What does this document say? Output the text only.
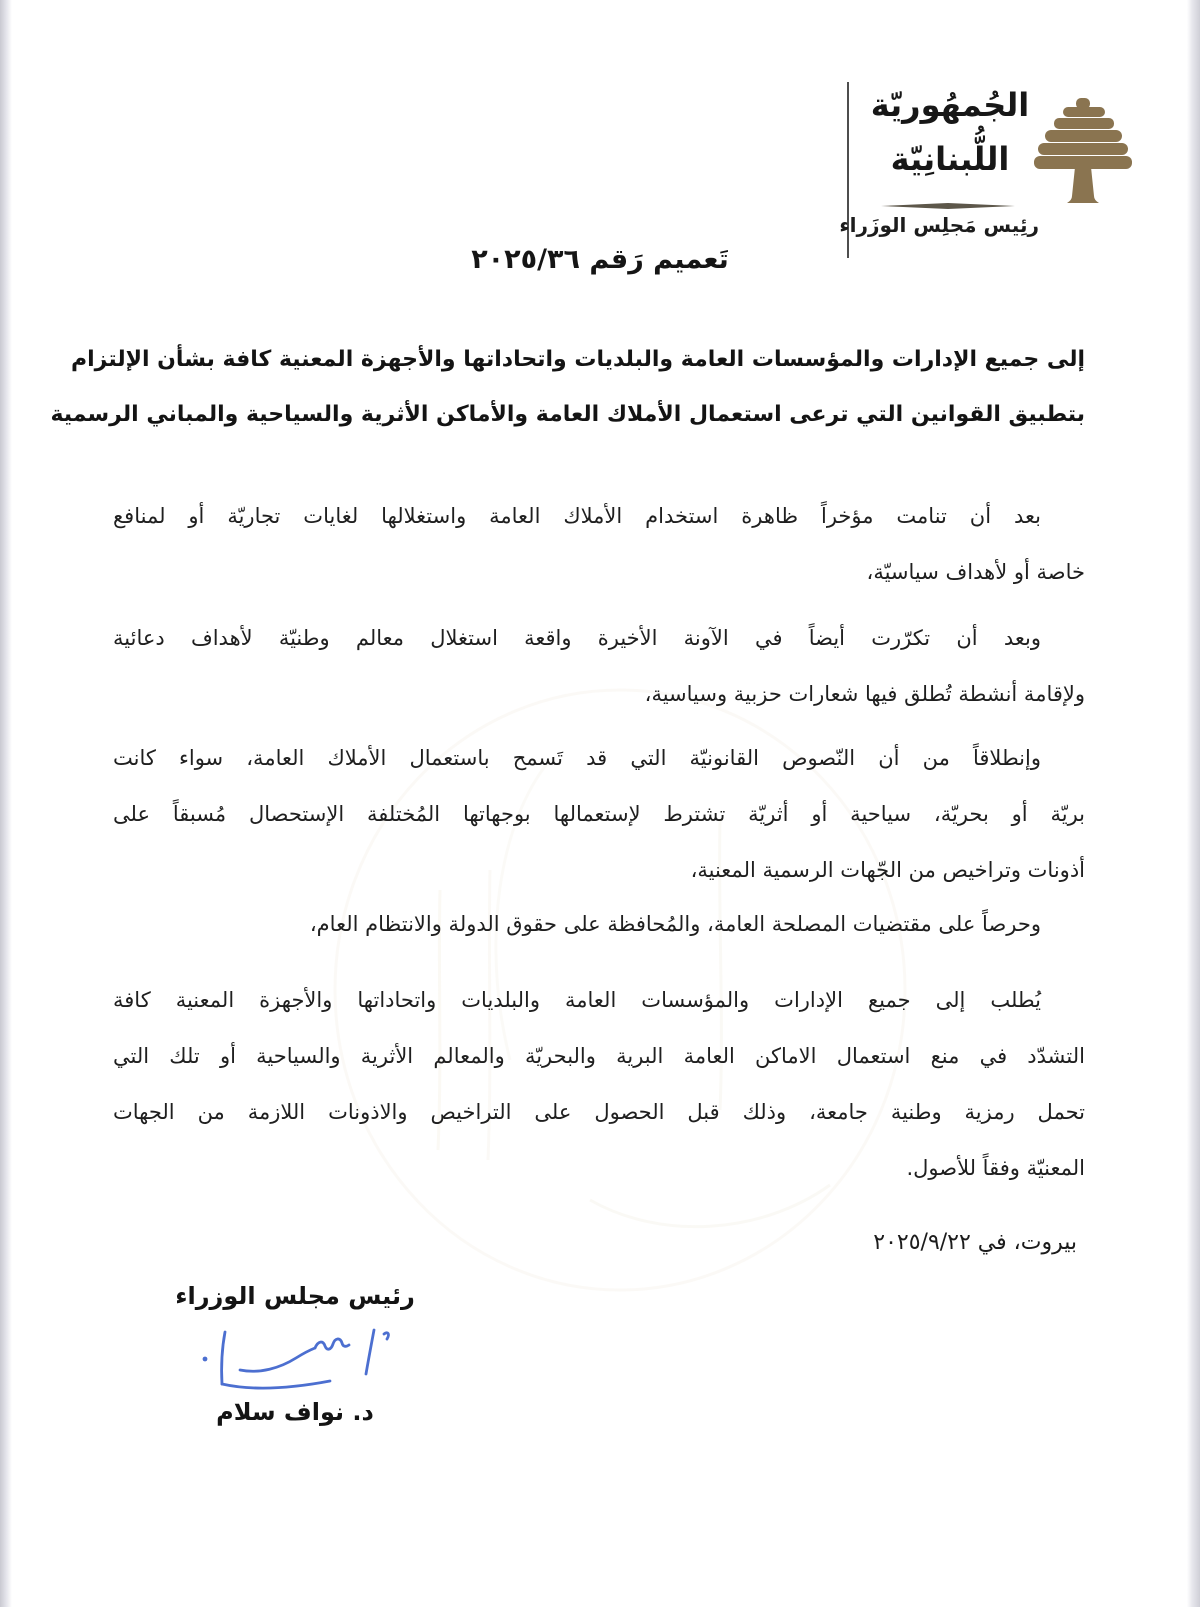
الجُمهُوريّة
اللُّبنانِيّة
رئِيس مَجلِس الوزَراء
تَعميم رَقم ٢٠٢٥/٣٦
إلى جميع الإدارات والمؤسسات العامة والبلديات واتحاداتها والأجهزة المعنية كافة بشأن الإلتزام
بتطبيق القوانين التي ترعى استعمال الأملاك العامة والأماكن الأثرية والسياحية والمباني الرسمية
بعد أن تنامت مؤخراً ظاهرة استخدام الأملاك العامة واستغلالها لغايات تجاريّة أو لمنافع
خاصة أو لأهداف سياسيّة،
وبعد أن تكرّرت أيضاً في الآونة الأخيرة واقعة استغلال معالم وطنيّة لأهداف دعائية
ولإقامة أنشطة تُطلق فيها شعارات حزبية وسياسية،
وإنطلاقاً من أن النّصوص القانونيّة التي قد تَسمح باستعمال الأملاك العامة، سواء كانت
بريّة أو بحريّة، سياحية أو أثريّة تشترط لإستعمالها بوجهاتها المُختلفة الإستحصال مُسبقاً على
أذونات وتراخيص من الجّهات الرسمية المعنية،
وحرصاً على مقتضيات المصلحة العامة، والمُحافظة على حقوق الدولة والانتظام العام،
يُطلب إلى جميع الإدارات والمؤسسات العامة والبلديات واتحاداتها والأجهزة المعنية كافة
التشدّد في منع استعمال الاماكن العامة البرية والبحريّة والمعالم الأثرية والسياحية أو تلك التي
تحمل رمزية وطنية جامعة، وذلك قبل الحصول على التراخيص والاذونات اللازمة من الجهات
المعنيّة وفقاً للأصول.
بيروت، في ٢٠٢٥/٩/٢٢
رئيس مجلس الوزراء
د. نواف سلام
